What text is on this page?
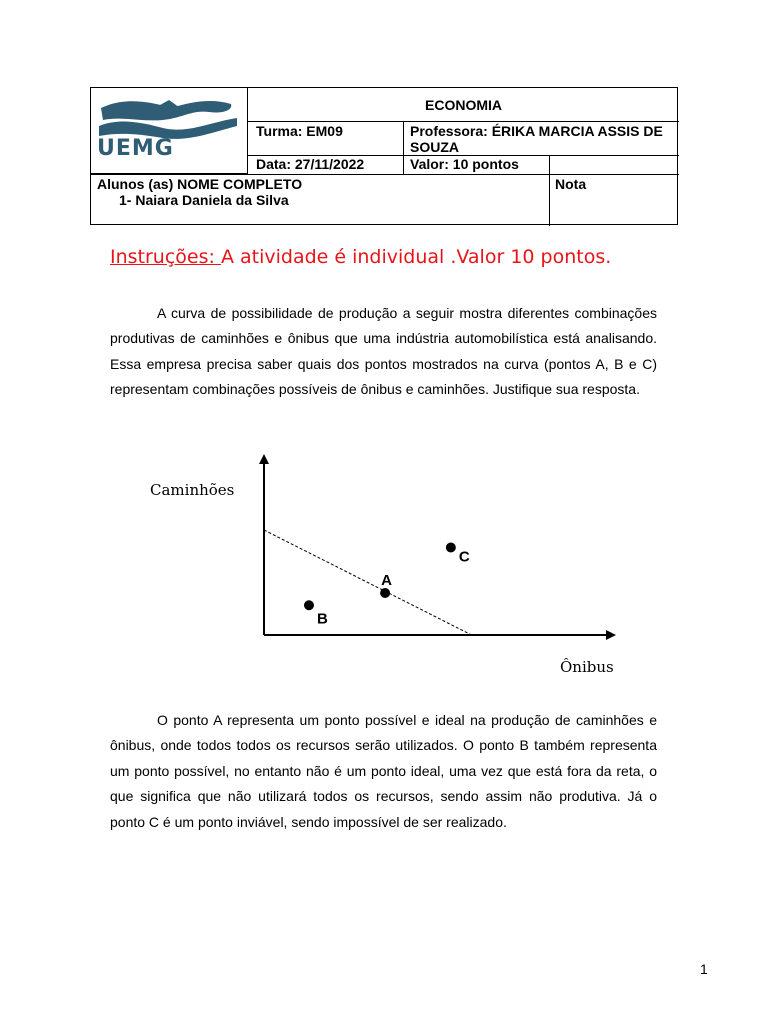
UEMG
ECONOMIA
Turma: EM09	Professora: ÉRIKA MARCIA ASSIS DE SOUZA
Data: 27/11/2022	Valor: 10 pontos
Alunos (as) NOME COMPLETO
1- Naiara Daniela da Silva
Nota
Instruções: A atividade é individual .Valor 10 pontos.

A curva de possibilidade de produção a seguir mostra diferentes combinações produtivas de caminhões e ônibus que uma indústria automobilística está analisando. Essa empresa precisa saber quais dos pontos mostrados na curva (pontos A, B e C) representam combinações possíveis de ônibus e caminhões. Justifique sua resposta.

Caminhões
Ônibus
A
B
C

O ponto A representa um ponto possível e ideal na produção de caminhões e ônibus, onde todos todos os recursos serão utilizados. O ponto B também representa um ponto possível, no entanto não é um ponto ideal, uma vez que está fora da reta, o que significa que não utilizará todos os recursos, sendo assim não produtiva. Já o ponto C é um ponto inviável, sendo impossível de ser realizado.

1
